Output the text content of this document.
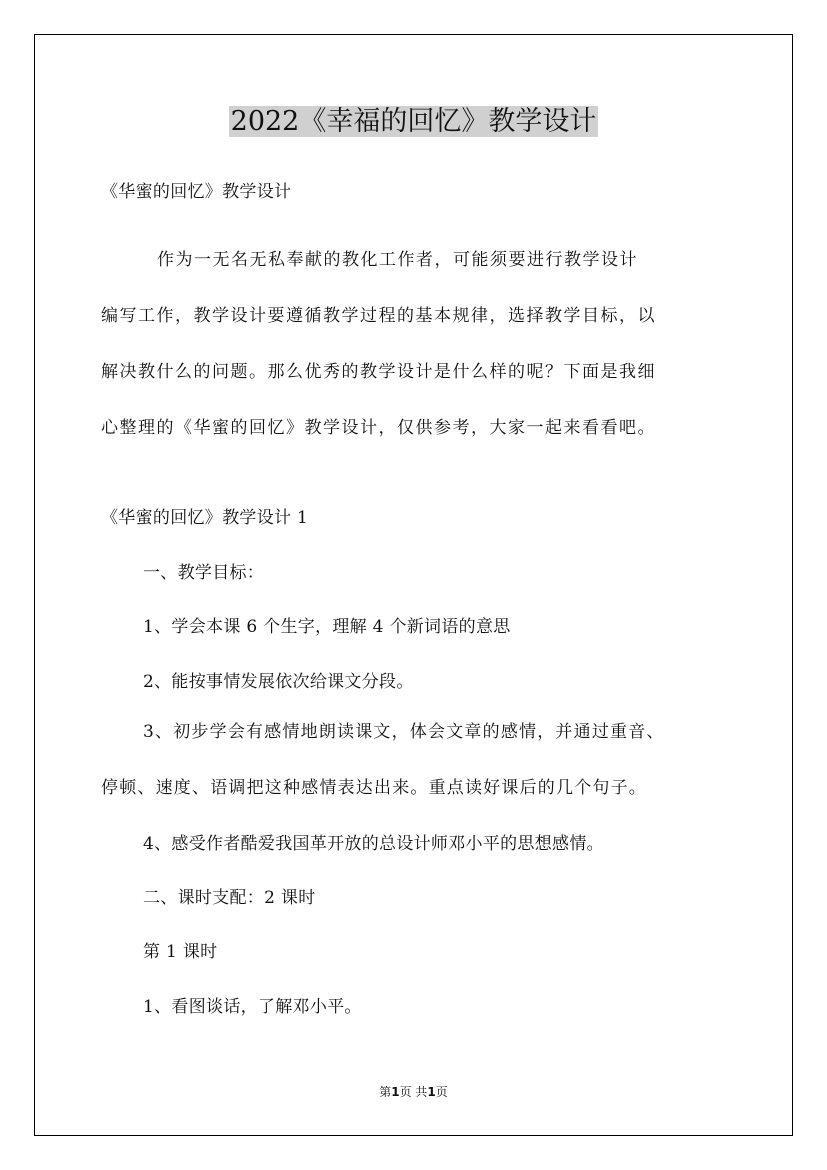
2022《幸福的回忆》教学设计
《华蜜的回忆》教学设计
作为一无名无私奉献的教化工作者，可能须要进行教学设计
编写工作，教学设计要遵循教学过程的基本规律，选择教学目标，以
解决教什么的问题。那么优秀的教学设计是什么样的呢？下面是我细
心整理的《华蜜的回忆》教学设计，仅供参考，大家一起来看看吧。
《华蜜的回忆》教学设计 1
一、教学目标：
1、学会本课 6 个生字，理解 4 个新词语的意思
2、能按事情发展依次给课文分段。
3、初步学会有感情地朗读课文，体会文章的感情，并通过重音、
停顿、速度、语调把这种感情表达出来。重点读好课后的几个句子。
4、感受作者酷爱我国革开放的总设计师邓小平的思想感情。
二、课时支配：2 课时
第 1 课时
1、看图谈话，了解邓小平。
第1页 共1页
